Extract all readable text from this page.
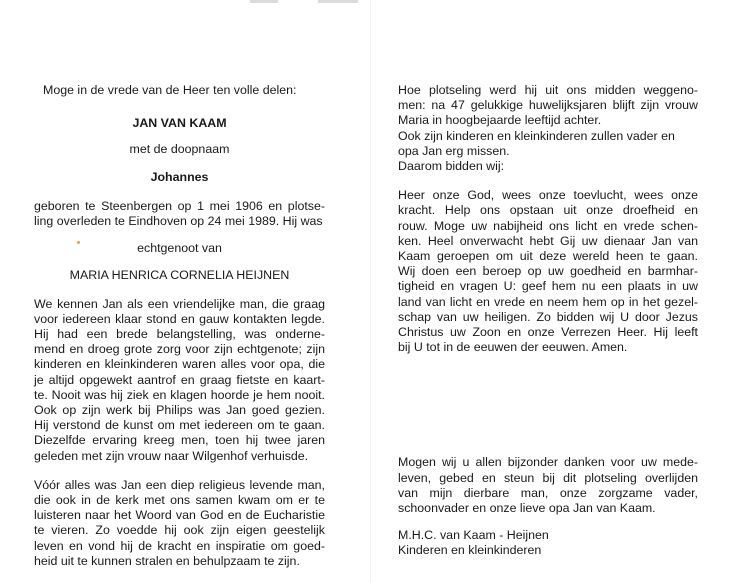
Moge in de vrede van de Heer ten volle delen:

JAN VAN KAAM

met de doopnaam

Johannes

geboren te Steenbergen op 1 mei 1906 en plotse-

ling overleden te Eindhoven op 24 mei 1989. Hij was

echtgenoot van

MARIA HENRICA CORNELIA HEIJNEN

We kennen Jan als een vriendelijke man, die graag

voor iedereen klaar stond en gauw kontakten legde.

Hij had een brede belangstelling, was onderne-

mend en droeg grote zorg voor zijn echtgenote; zijn

kinderen en kleinkinderen waren alles voor opa, die

je altijd opgewekt aantrof en graag fietste en kaart-

te. Nooit was hij ziek en klagen hoorde je hem nooit.

Ook op zijn werk bij Philips was Jan goed gezien.

Hij verstond de kunst om met iedereen om te gaan.

Diezelfde ervaring kreeg men, toen hij twee jaren

geleden met zijn vrouw naar Wilgenhof verhuisde.

Vóór alles was Jan een diep religieus levende man,

die ook in de kerk met ons samen kwam om er te

luisteren naar het Woord van God en de Eucharistie

te vieren. Zo voedde hij ook zijn eigen geestelijk

leven en vond hij de kracht en inspiratie om goed-

heid uit te kunnen stralen en behulpzaam te zijn.

Hoe plotseling werd hij uit ons midden weggeno-

men: na 47 gelukkige huwelijksjaren blijft zijn vrouw

Maria in hoogbejaarde leeftijd achter.

Ook zijn kinderen en kleinkinderen zullen vader en

opa Jan erg missen.

Daarom bidden wij:

Heer onze God, wees onze toevlucht, wees onze

kracht. Help ons opstaan uit onze droefheid en

rouw. Moge uw nabijheid ons licht en vrede schen-

ken. Heel onverwacht hebt Gij uw dienaar Jan van

Kaam geroepen om uit deze wereld heen te gaan.

Wij doen een beroep op uw goedheid en barmhar-

tigheid en vragen U: geef hem nu een plaats in uw

land van licht en vrede en neem hem op in het gezel-

schap van uw heiligen. Zo bidden wij U door Jezus

Christus uw Zoon en onze Verrezen Heer. Hij leeft

bij U tot in de eeuwen der eeuwen. Amen.

Mogen wij u allen bijzonder danken voor uw mede-

leven, gebed en steun bij dit plotseling overlijden

van mijn dierbare man, onze zorgzame vader,

schoonvader en onze lieve opa Jan van Kaam.

M.H.C. van Kaam - Heijnen

Kinderen en kleinkinderen
